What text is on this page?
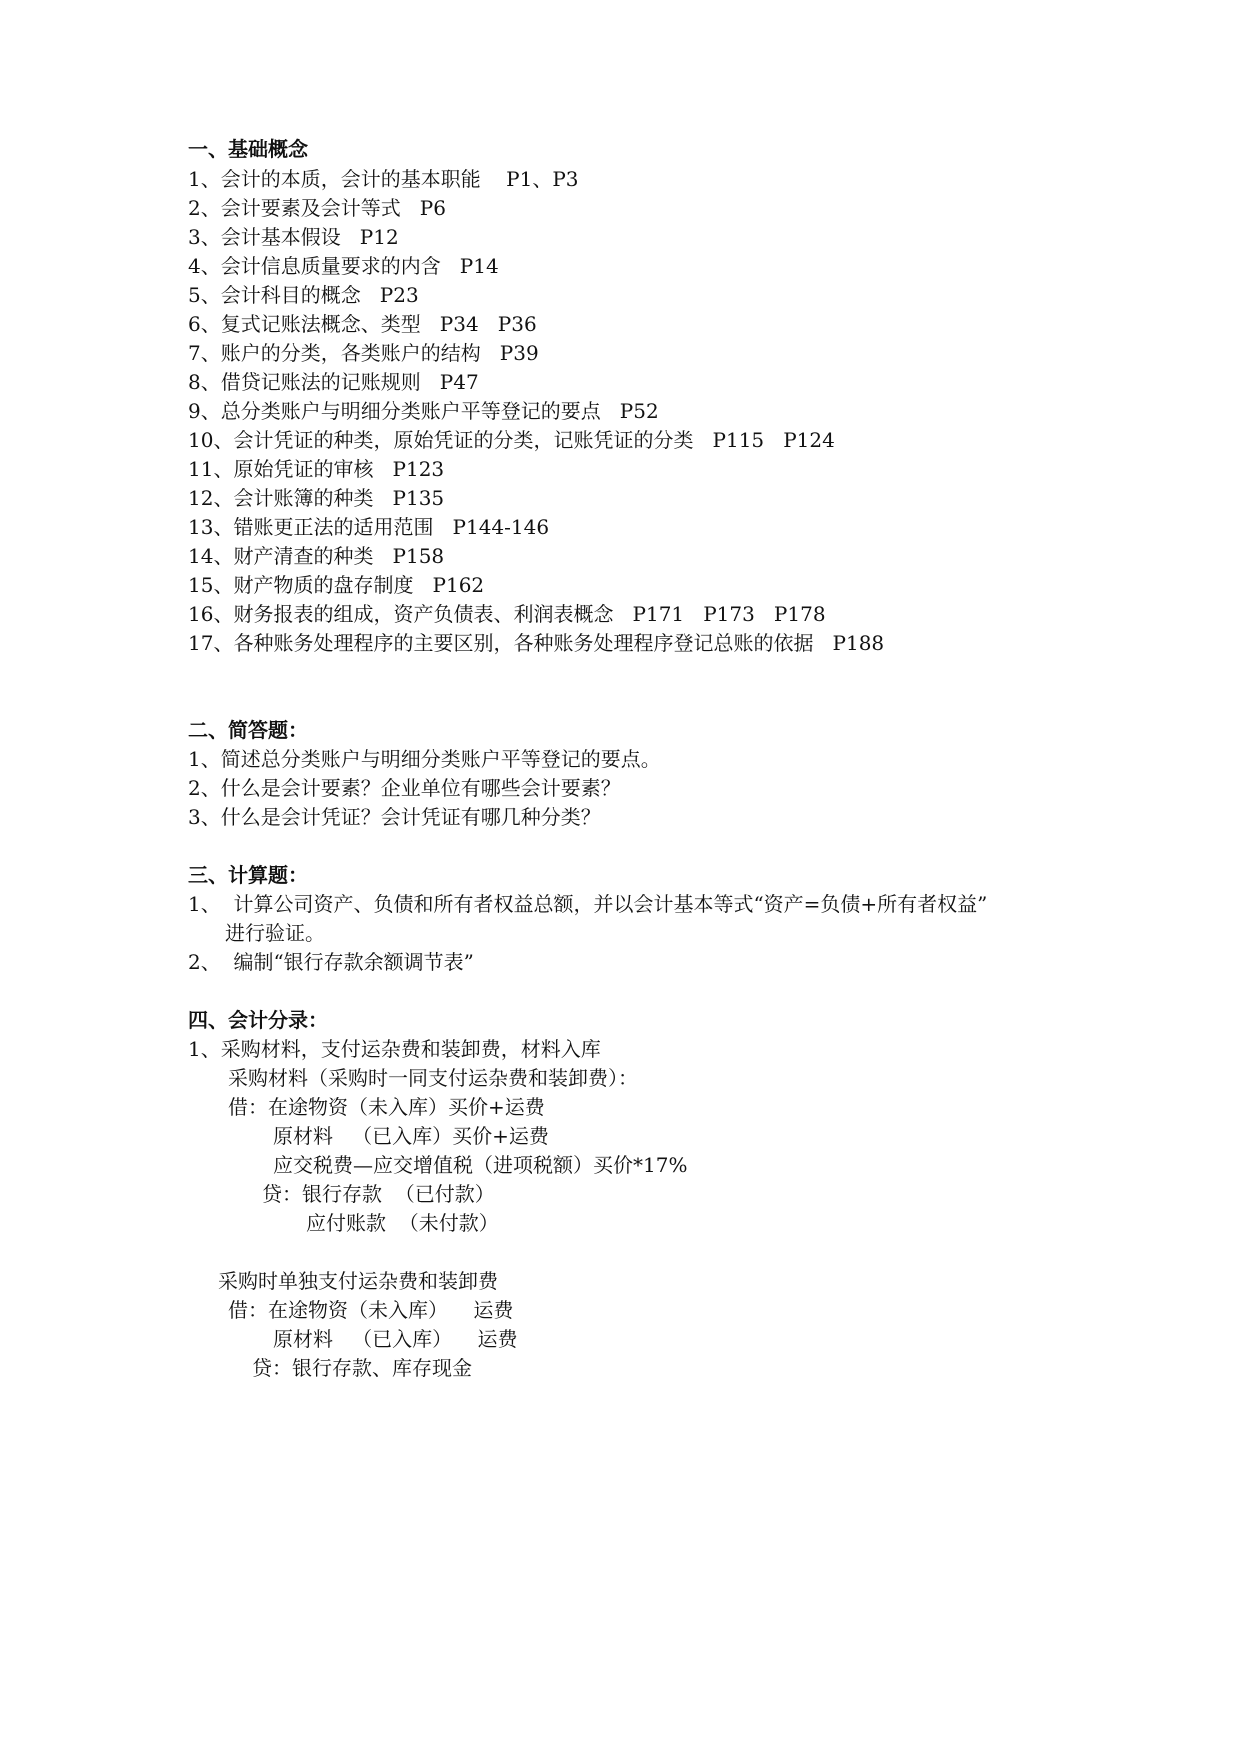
一、基础概念
1、会计的本质，会计的基本职能    P1、P3
2、会计要素及会计等式   P6
3、会计基本假设   P12
4、会计信息质量要求的内含   P14
5、会计科目的概念   P23
6、复式记账法概念、类型   P34   P36
7、账户的分类，各类账户的结构   P39
8、借贷记账法的记账规则   P47
9、总分类账户与明细分类账户平等登记的要点   P52
10、会计凭证的种类，原始凭证的分类，记账凭证的分类   P115   P124
11、原始凭证的审核   P123
12、会计账簿的种类   P135
13、错账更正法的适用范围   P144-146
14、财产清查的种类   P158
15、财产物质的盘存制度   P162
16、财务报表的组成，资产负债表、利润表概念   P171   P173   P178
17、各种账务处理程序的主要区别，各种账务处理程序登记总账的依据   P188
二、简答题：
1、简述总分类账户与明细分类账户平等登记的要点。
2、什么是会计要素？企业单位有哪些会计要素？
3、什么是会计凭证？会计凭证有哪几种分类？
三、计算题：
1、  计算公司资产、负债和所有者权益总额，并以会计基本等式“资产=负债+所有者权益”
进行验证。
2、  编制“银行存款余额调节表”
四、会计分录：
1、采购材料，支付运杂费和装卸费，材料入库
采购材料（采购时一同支付运杂费和装卸费）：
借：在途物资（未入库）买价+运费
原材料   （已入库）买价+运费
应交税费—应交增值税（进项税额）买价*17%
贷：银行存款  （已付款）
应付账款  （未付款）
采购时单独支付运杂费和装卸费
借：在途物资（未入库）    运费
原材料   （已入库）    运费
贷：银行存款、库存现金
